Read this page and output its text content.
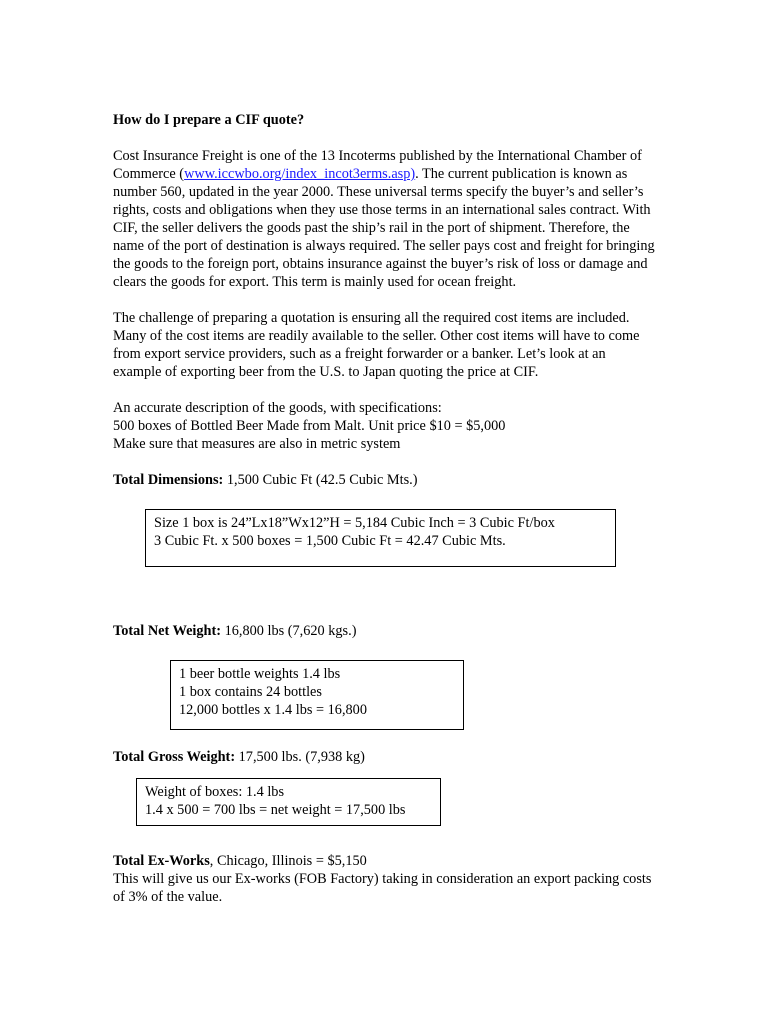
How do I prepare a CIF quote?
Cost Insurance Freight is one of the 13 Incoterms published by the International Chamber of Commerce (www.iccwbo.org/index_incot3erms.asp). The current publication is known as number 560, updated in the year 2000. These universal terms specify the buyer’s and seller’s rights, costs and obligations when they use those terms in an international sales contract. With CIF, the seller delivers the goods past the ship’s rail in the port of shipment. Therefore, the name of the port of destination is always required. The seller pays cost and freight for bringing the goods to the foreign port, obtains insurance against the buyer’s risk of loss or damage and clears the goods for export. This term is mainly used for ocean freight.
The challenge of preparing a quotation is ensuring all the required cost items are included. Many of the cost items are readily available to the seller. Other cost items will have to come from export service providers, such as a freight forwarder or a banker. Let’s look at an example of exporting beer from the U.S. to Japan quoting the price at CIF.
An accurate description of the goods, with specifications:
500 boxes of Bottled Beer Made from Malt. Unit price $10 = $5,000
Make sure that measures are also in metric system
Total Dimensions: 1,500 Cubic Ft (42.5 Cubic Mts.)
Size 1 box is 24”Lx18”Wx12”H = 5,184 Cubic Inch = 3 Cubic Ft/box
3 Cubic Ft. x 500 boxes = 1,500 Cubic Ft = 42.47 Cubic Mts.
Total Net Weight: 16,800 lbs (7,620 kgs.)
1 beer bottle weights 1.4 lbs
1 box contains 24 bottles
12,000 bottles x 1.4 lbs = 16,800
Total Gross Weight: 17,500 lbs. (7,938 kg)
Weight of boxes: 1.4 lbs
1.4 x 500 = 700 lbs = net weight = 17,500 lbs
Total Ex-Works, Chicago, Illinois = $5,150
This will give us our Ex-works (FOB Factory) taking in consideration an export packing costs of 3% of the value.
